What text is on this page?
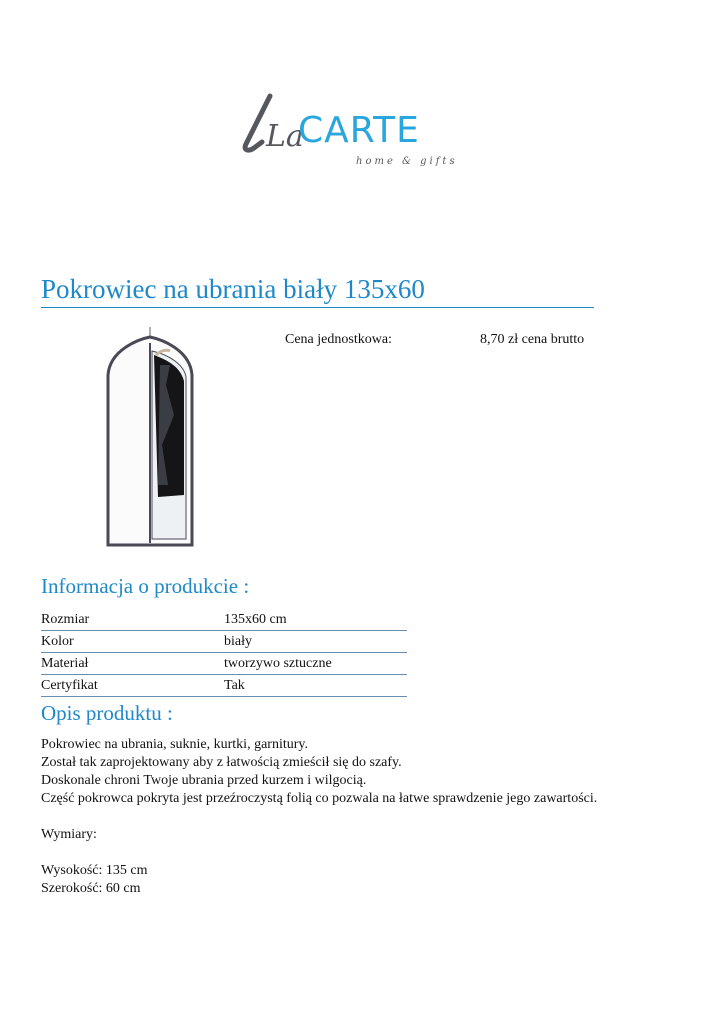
La
CARTE
home & gifts
Pokrowiec na ubrania biały 135x60
Cena jednostkowa:	8,70 zł cena brutto
Informacja o produkcie :
Rozmiar	135x60 cm
Kolor	biały
Materiał	tworzywo sztuczne
Certyfikat	Tak
Opis produktu :

Pokrowiec na ubrania, suknie, kurtki, garnitury.

Został tak zaprojektowany aby z łatwością zmieścił się do szafy.

Doskonale chroni Twoje ubrania przed kurzem i wilgocią.

Część pokrowca pokryta jest przeźroczystą folią co pozwala na łatwe sprawdzenie jego zawartości.

Wymiary:

Wysokość: 135 cm

Szerokość: 60 cm
